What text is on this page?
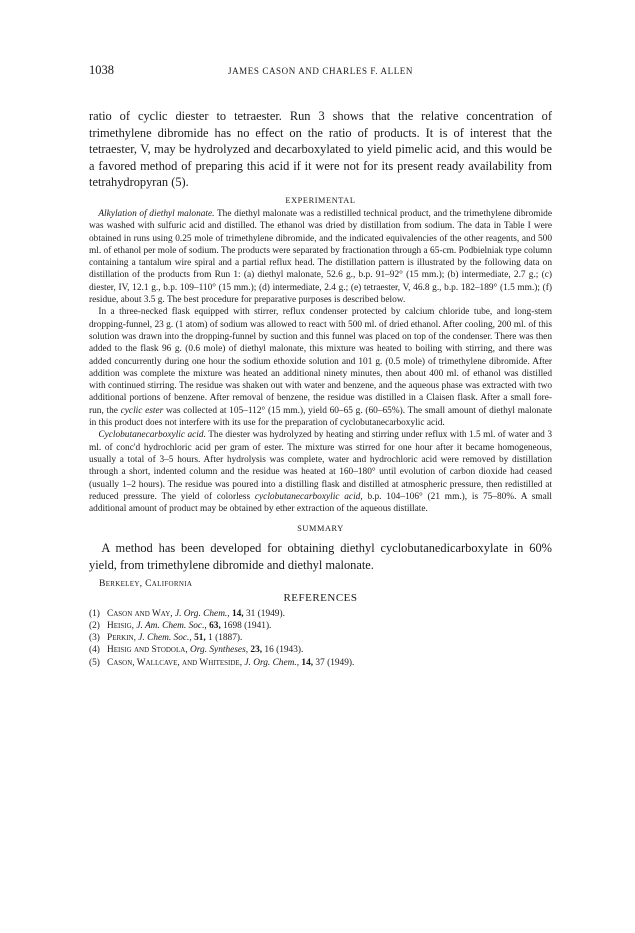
1038	JAMES CASON AND CHARLES F. ALLEN

ratio of cyclic diester to tetraester. Run 3 shows that the relative concentration of trimethylene dibromide has no effect on the ratio of products. It is of interest that the tetraester, V, may be hydrolyzed and decarboxylated to yield pimelic acid, and this would be a favored method of preparing this acid if it were not for its present ready availability from tetrahydropyran (5).

EXPERIMENTAL

Alkylation of diethyl malonate. The diethyl malonate was a redistilled technical product, and the trimethylene dibromide was washed with sulfuric acid and distilled. The ethanol was dried by distillation from sodium. The data in Table I were obtained in runs using 0.25 mole of trimethylene dibromide, and the indicated equivalencies of the other reagents, and 500 ml. of ethanol per mole of sodium. The products were separated by fractionation through a 65-cm. Podbielniak type column containing a tantalum wire spiral and a partial reflux head. The distillation pattern is illustrated by the following data on distillation of the products from Run 1: (a) diethyl malonate, 52.6 g., b.p. 91–92° (15 mm.); (b) intermediate, 2.7 g.; (c) diester, IV, 12.1 g., b.p. 109–110° (15 mm.); (d) intermediate, 2.4 g.; (e) tetraester, V, 46.8 g., b.p. 182–189° (1.5 mm.); (f) residue, about 3.5 g. The best procedure for preparative purposes is described below.

In a three-necked flask equipped with stirrer, reflux condenser protected by calcium chloride tube, and long-stem dropping-funnel, 23 g. (1 atom) of sodium was allowed to react with 500 ml. of dried ethanol. After cooling, 200 ml. of this solution was drawn into the dropping-funnel by suction and this funnel was placed on top of the condenser. There was then added to the flask 96 g. (0.6 mole) of diethyl malonate, this mixture was heated to boiling with stirring, and there was added concurrently during one hour the sodium ethoxide solution and 101 g. (0.5 mole) of trimethylene dibromide. After addition was complete the mixture was heated an additional ninety minutes, then about 400 ml. of ethanol was distilled with continued stirring. The residue was shaken out with water and benzene, and the aqueous phase was extracted with two additional portions of benzene. After removal of benzene, the residue was distilled in a Claisen flask. After a small fore-run, the cyclic ester was collected at 105–112° (15 mm.), yield 60–65 g. (60–65%). The small amount of diethyl malonate in this product does not interfere with its use for the preparation of cyclobutanecarboxylic acid.

Cyclobutanecarboxylic acid. The diester was hydrolyzed by heating and stirring under reflux with 1.5 ml. of water and 3 ml. of conc'd hydrochloric acid per gram of ester. The mixture was stirred for one hour after it became homogeneous, usually a total of 3–5 hours. After hydrolysis was complete, water and hydrochloric acid were removed by distillation through a short, indented column and the residue was heated at 160–180° until evolution of carbon dioxide had ceased (usually 1–2 hours). The residue was poured into a distilling flask and distilled at atmospheric pressure, then redistilled at reduced pressure. The yield of colorless cyclobutanecarboxylic acid, b.p. 104–106° (21 mm.), is 75–80%. A small additional amount of product may be obtained by ether extraction of the aqueous distillate.

SUMMARY

A method has been developed for obtaining diethyl cyclobutanedicarboxylate in 60% yield, from trimethylene dibromide and diethyl malonate.

Berkeley, California
REFERENCES
(1) Cason and Way, J. Org. Chem., 14, 31 (1949).
(2) Heisig, J. Am. Chem. Soc., 63, 1698 (1941).
(3) Perkin, J. Chem. Soc., 51, 1 (1887).
(4) Heisig and Stodola, Org. Syntheses, 23, 16 (1943).
(5) Cason, Wallcave, and Whiteside, J. Org. Chem., 14, 37 (1949).
